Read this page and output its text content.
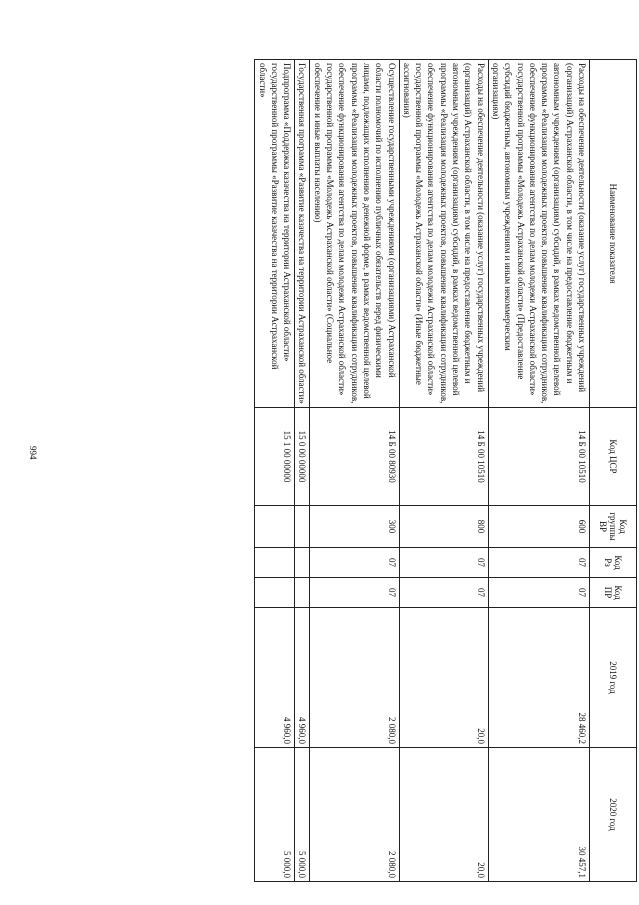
994
Наименование показателя	Код ЦСР	Код группы ВР	Код Рз	Код ПР	2019 год	2020 год
Расходы на обеспечение деятельности (оказание услуг) государственных учреждений (организаций) Астраханской области, в том числе на предоставление бюджетным и автономным учреждениям (организациям) субсидий, в рамках ведомственной целевой программы «Реализация молодежных проектов, повышение квалификации сотрудников, обеспечение функционирования агентства по делам молодежи Астраханской области» государственной программы «Молодежь Астраханской области» (Предоставление субсидий бюджетным, автономным учреждениям и иным некоммерческим организациям)	14 Б 00 10510	600	07	07	28 460,2	30 457,1
Расходы на обеспечение деятельности (оказание услуг) государственных учреждений (организаций) Астраханской области, в том числе на предоставление бюджетным и автономным учреждениям (организациям) субсидий, в рамках ведомственной целевой программы «Реализация молодежных проектов, повышение квалификации сотрудников, обеспечение функционирования агентства по делам молодежи Астраханской области» государственной программы «Молодежь Астраханской области» (Иные бюджетные ассигнования)	14 Б 00 10510	800	07	07	20,0	20,0
Осуществление государственными учреждениями (организациями) Астраханской области полномочий по исполнению публичных обязательств перед физическими лицами, подлежащих исполнению в денежной форме, в рамках ведомственной целевой программы «Реализация молодежных проектов, повышение квалификации сотрудников, обеспечение функционирования агентства по делам молодежи Астраханской области» государственной программы «Молодежь Астраханской области» (Социальное обеспечение и иные выплаты населению)	14 Б 00 80930	300	07	07	2 080,0	2 080,0
Государственная программа «Развитие казачества на территории Астраханской области»	15 0 00 00000				4 960,0	5 000,0
Подпрограмма «Поддержка казачества на территории Астраханской области» государственной программы «Развитие казачества на территории Астраханской области»	15 1 00 00000				4 960,0	5 000,0
